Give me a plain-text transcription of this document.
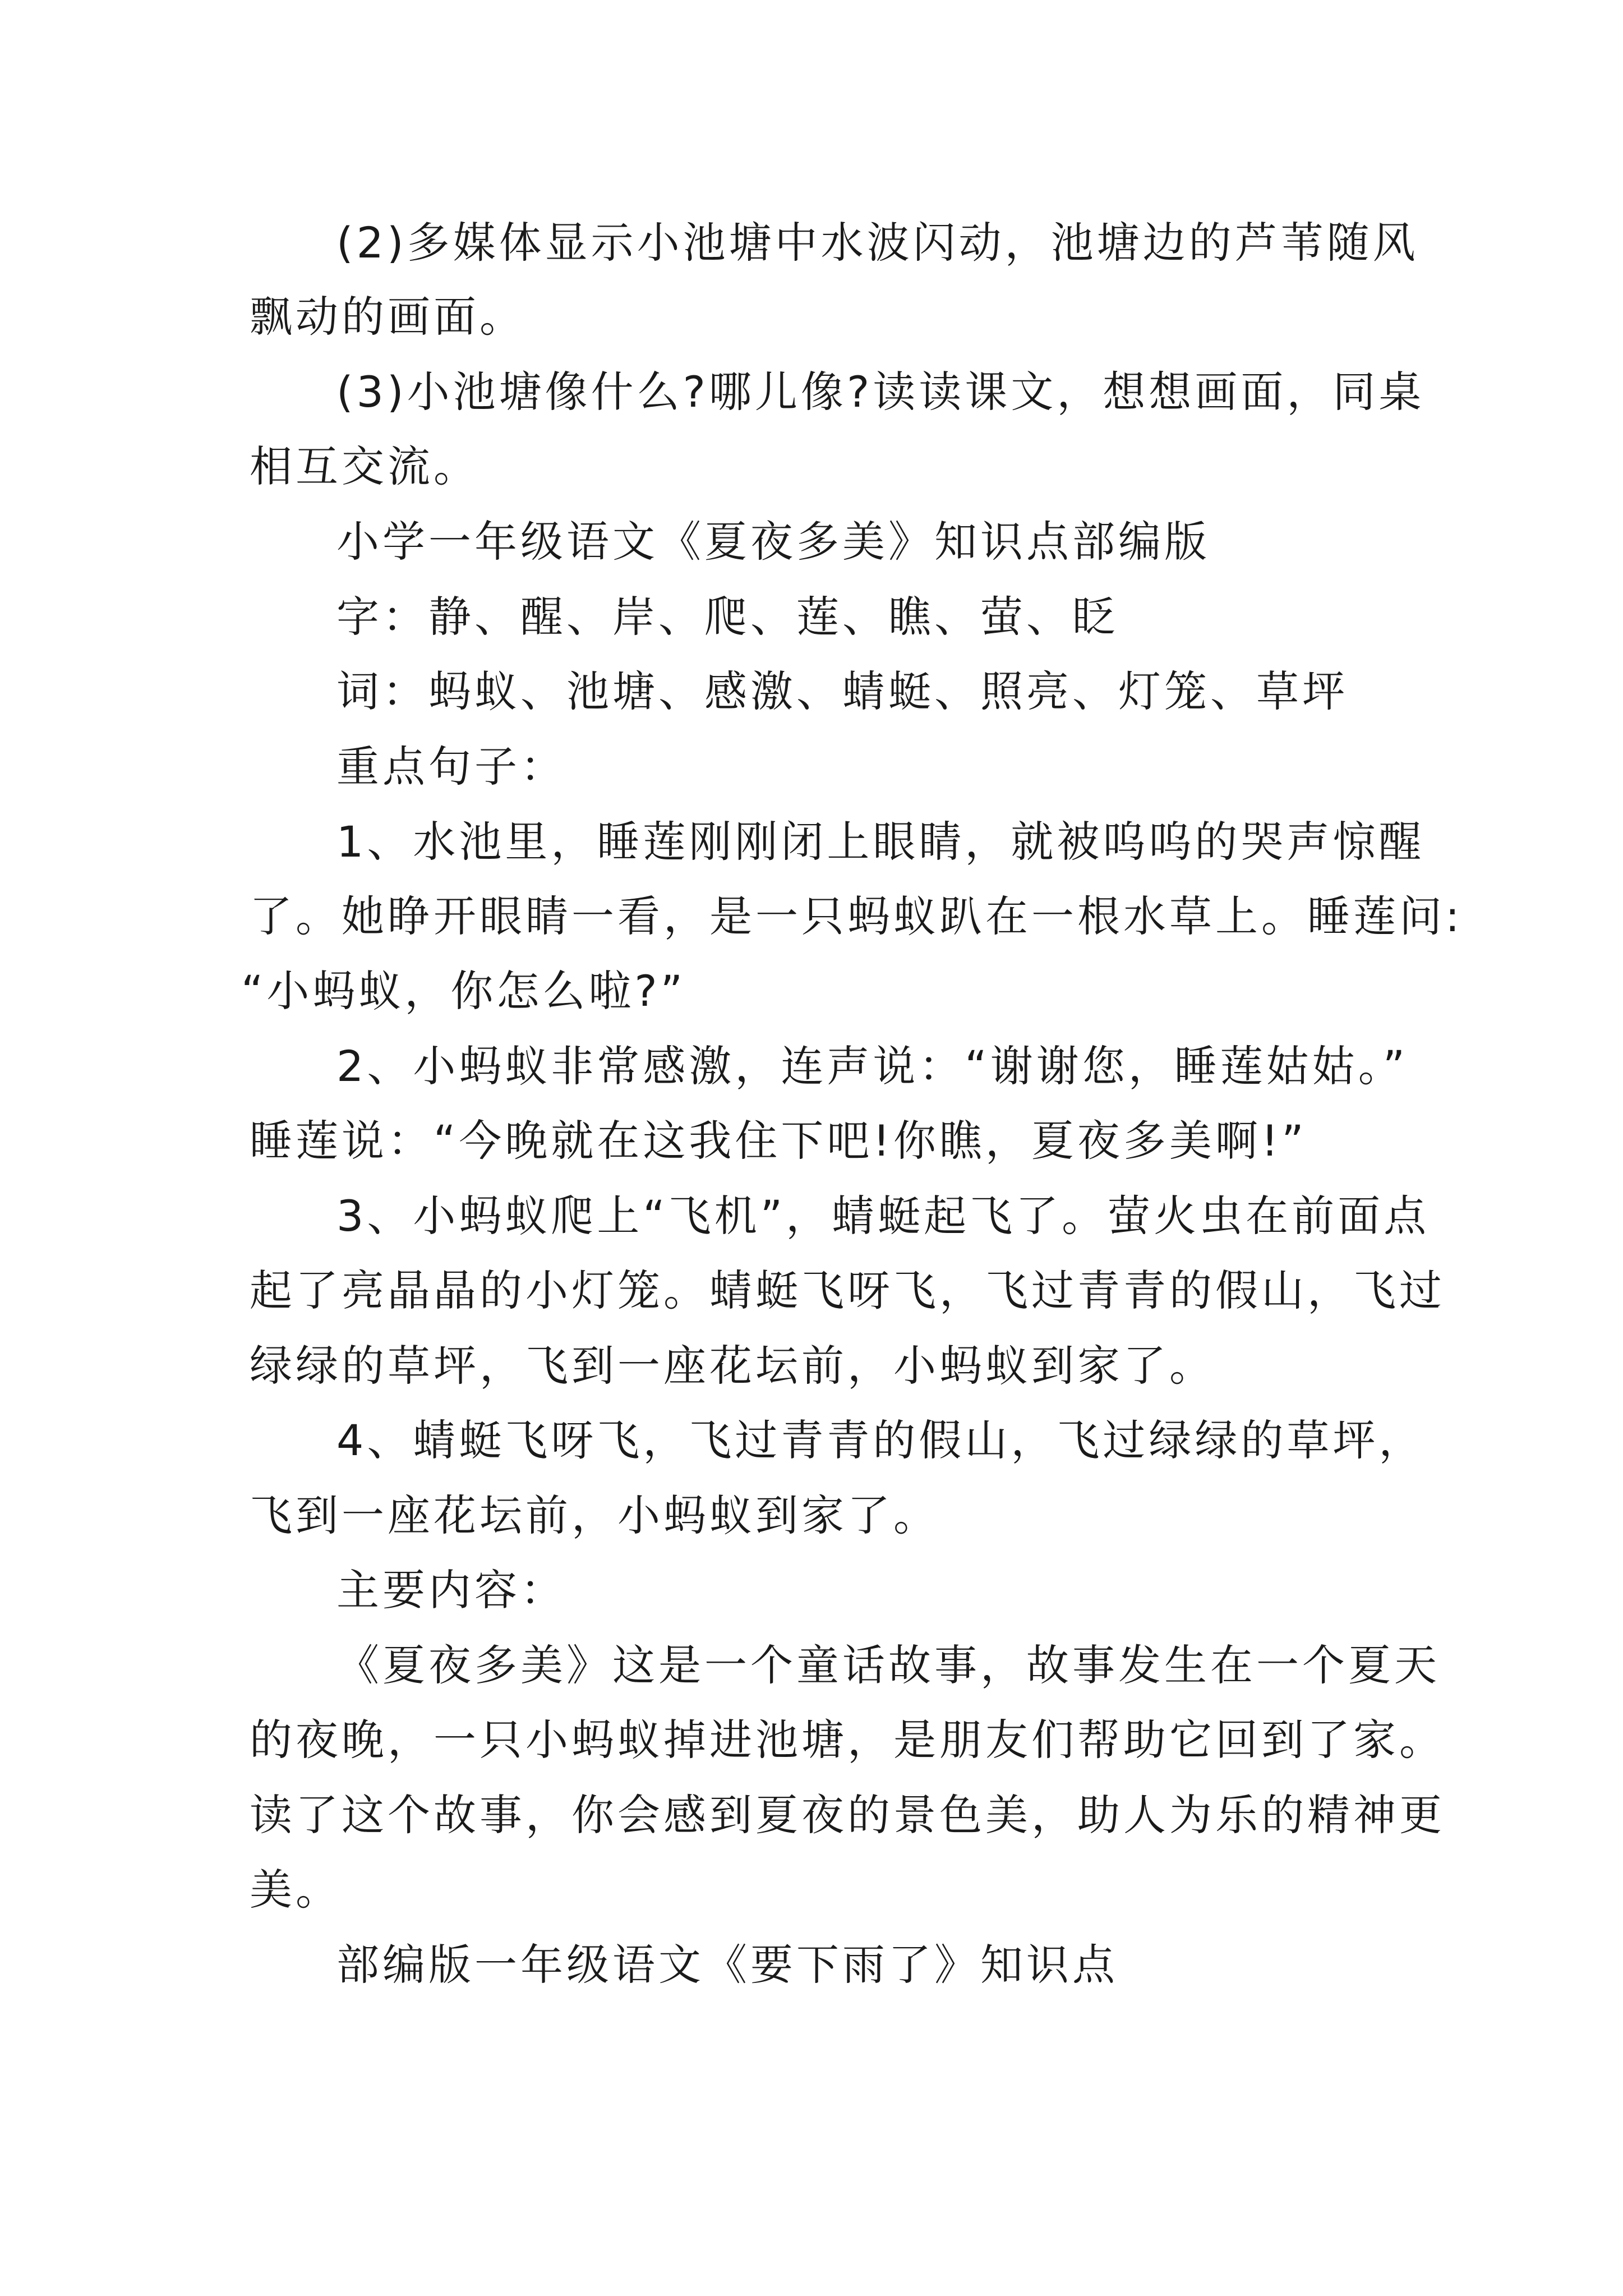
(2)多媒体显示小池塘中水波闪动，池塘边的芦苇随风
飘动的画面。
(3)小池塘像什么?哪儿像?读读课文，想想画面，同桌
相互交流。
小学一年级语文《夏夜多美》知识点部编版
字：静、醒、岸、爬、莲、瞧、萤、眨
词：蚂蚁、池塘、感激、蜻蜓、照亮、灯笼、草坪
重点句子：
1、水池里，睡莲刚刚闭上眼睛，就被呜呜的哭声惊醒
了。她睁开眼睛一看，是一只蚂蚁趴在一根水草上。睡莲问:
“小蚂蚁，你怎么啦?”
2、小蚂蚁非常感激，连声说：“谢谢您，睡莲姑姑。”
睡莲说：“今晚就在这我住下吧!你瞧，夏夜多美啊!”
3、小蚂蚁爬上“飞机”，蜻蜓起飞了。萤火虫在前面点
起了亮晶晶的小灯笼。蜻蜓飞呀飞，飞过青青的假山，飞过
绿绿的草坪，飞到一座花坛前，小蚂蚁到家了。
4、蜻蜓飞呀飞，飞过青青的假山，飞过绿绿的草坪，
飞到一座花坛前，小蚂蚁到家了。
主要内容：
《夏夜多美》这是一个童话故事，故事发生在一个夏天
的夜晚，一只小蚂蚁掉进池塘，是朋友们帮助它回到了家。
读了这个故事，你会感到夏夜的景色美，助人为乐的精神更
美。
部编版一年级语文《要下雨了》知识点
